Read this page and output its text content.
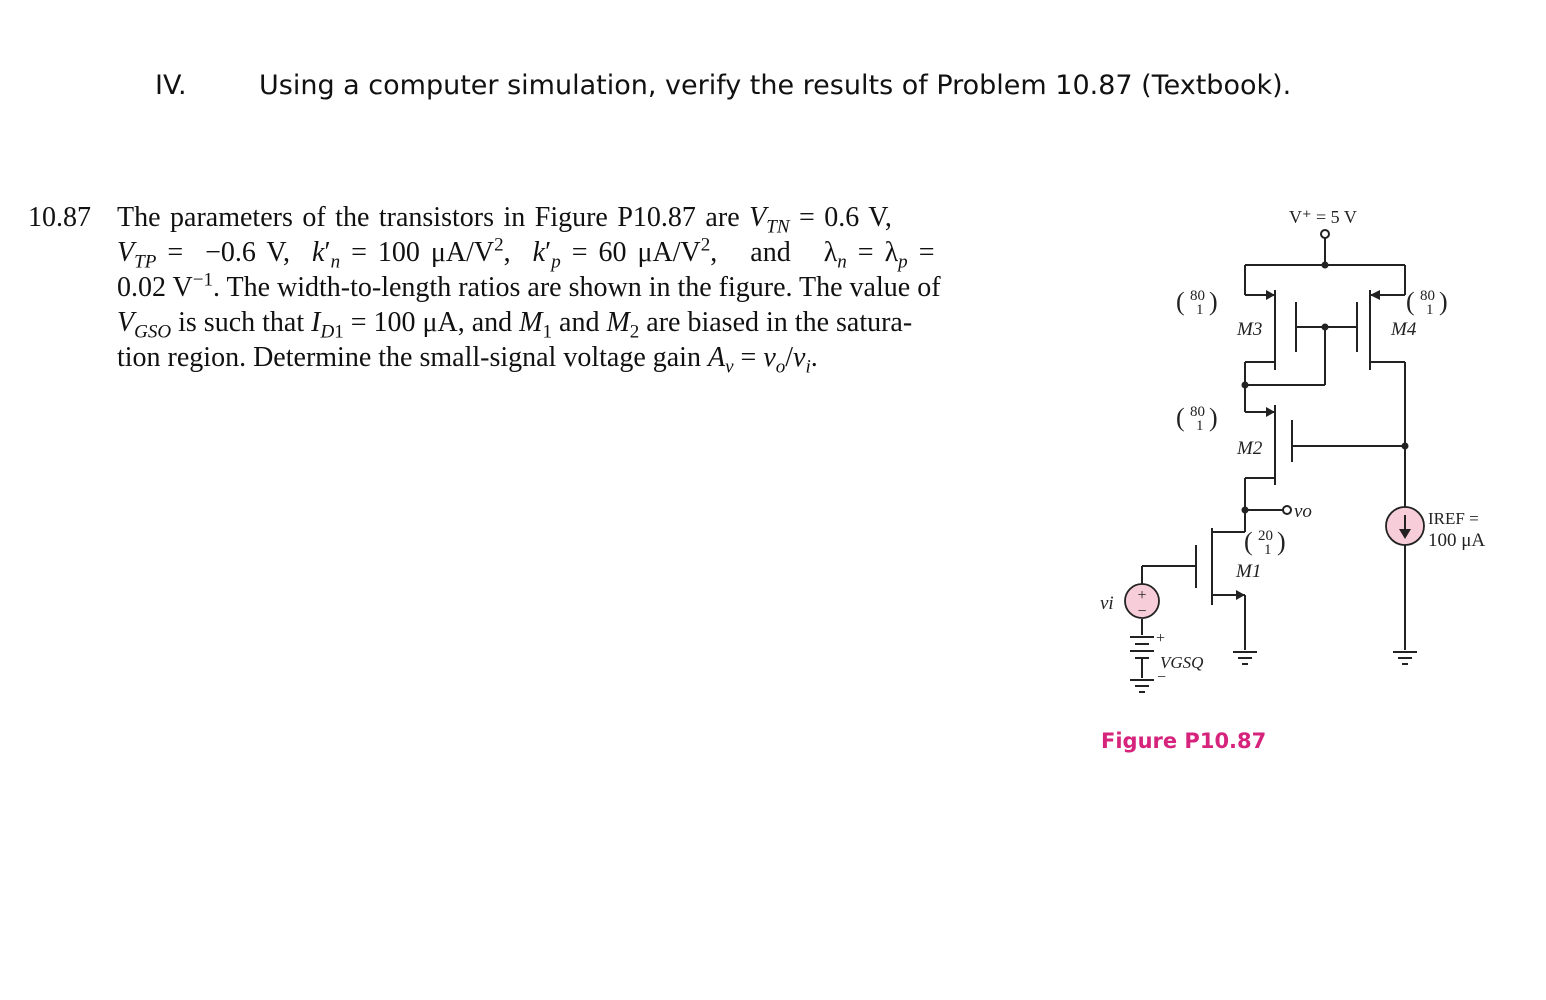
IV.	Using a computer simulation, verify the results of Problem 10.87 (Textbook).
10.87 The parameters of the transistors in Figure P10.87 are $V_{TN} = 0.6$ V,
$V_{TP} = -0.6$ V,  $k'_n = 100$ $\mu A/V^2$,  $k'_p = 60$ $\mu A/V^2$,   and   $\lambda_n = \lambda_p$ =
0.02 $V^{-1}$. The width-to-length ratios are shown in the figure. The value of
$V_{GSO}$ is such that $I_{D1} = 100$ μA, and $M_1$ and $M_2$ are biased in the satura-
tion region. Determine the small-signal voltage gain $A_v = v_o/v_i$.
+
−
V⁺ = 5 V
80
1
( )	80
1
( )
80
1
( )
20
1
( )
M3	M4
M2
M1
vo
vi
+
VGSQ
−
IREF =
100 μA
Figure P10.87
